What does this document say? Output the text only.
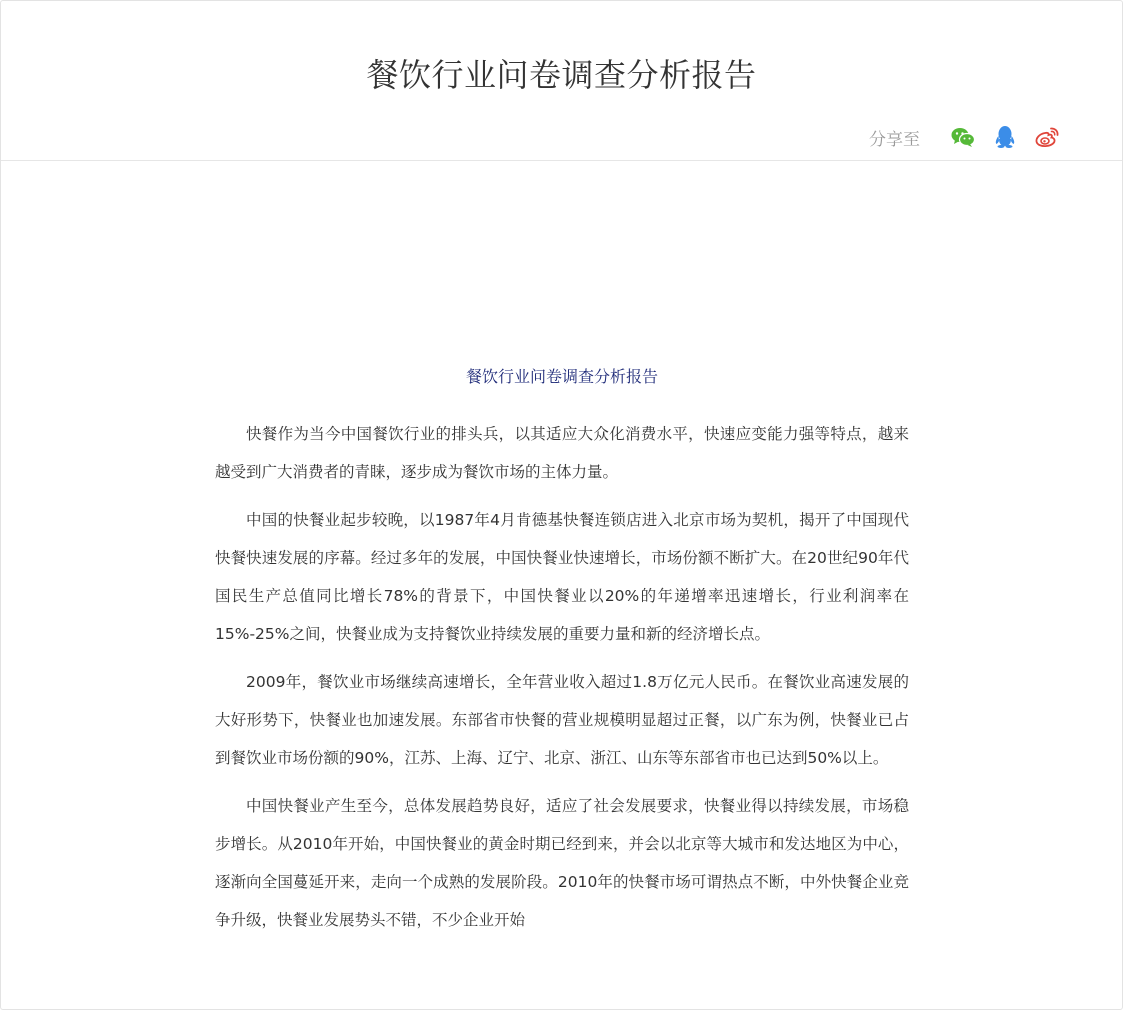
餐饮行业问卷调查分析报告
分享至
餐饮行业问卷调查分析报告

快餐作为当今中国餐饮行业的排头兵，以其适应大众化消费水平，快速应变能力强等特点，越来越受到广大消费者的青睐，逐步成为餐饮市场的主体力量。

中国的快餐业起步较晚，以1987年4月肯德基快餐连锁店进入北京市场为契机，揭开了中国现代快餐快速发展的序幕。经过多年的发展，中国快餐业快速增长，市场份额不断扩大。在20世纪90年代国民生产总值同比增长78%的背景下，中国快餐业以20%的年递增率迅速增长，行业利润率在15%-25%之间，快餐业成为支持餐饮业持续发展的重要力量和新的经济增长点。

2009年，餐饮业市场继续高速增长，全年营业收入超过1.8万亿元人民币。在餐饮业高速发展的大好形势下，快餐业也加速发展。东部省市快餐的营业规模明显超过正餐，以广东为例，快餐业已占到餐饮业市场份额的90%，江苏、上海、辽宁、北京、浙江、山东等东部省市也已达到50%以上。

中国快餐业产生至今，总体发展趋势良好，适应了社会发展要求，快餐业得以持续发展，市场稳步增长。从2010年开始，中国快餐业的黄金时期已经到来，并会以北京等大城市和发达地区为中心，逐渐向全国蔓延开来，走向一个成熟的发展阶段。2010年的快餐市场可谓热点不断，中外快餐企业竞争升级，快餐业发展势头不错，不少企业开始
